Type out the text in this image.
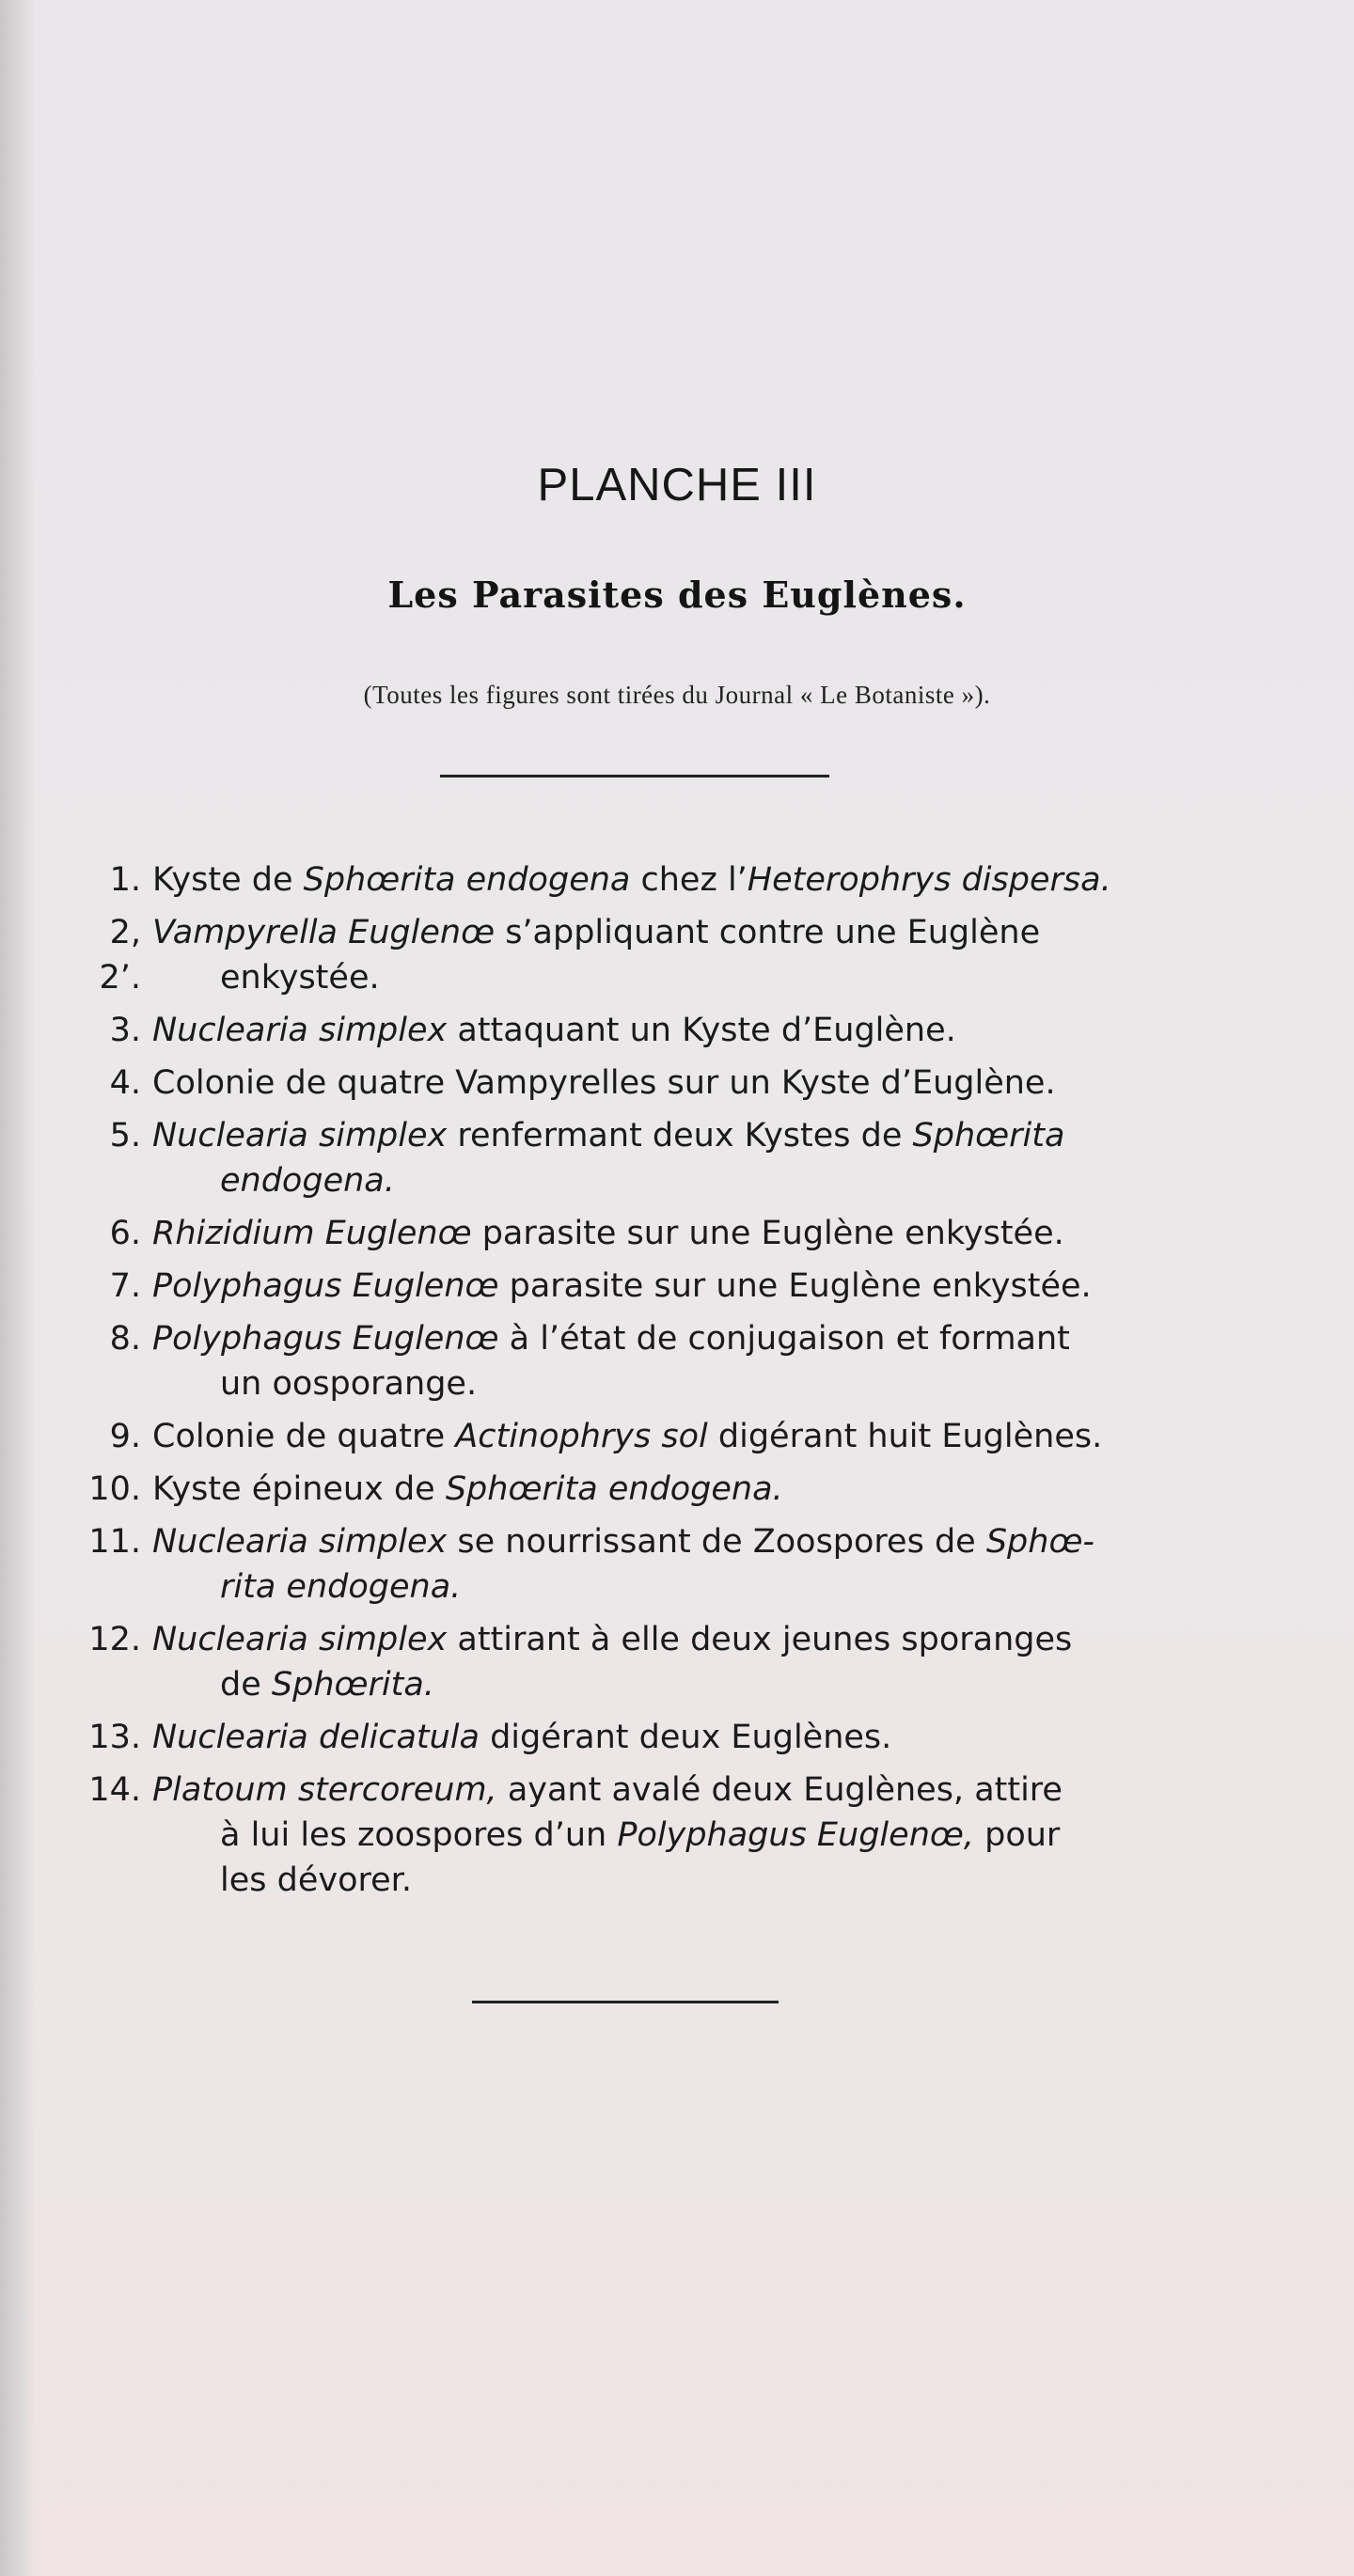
PLANCHE III
Les Parasites des Euglènes.
(Toutes les figures sont tirées du Journal « Le Botaniste »).
1. Kyste de Sphœrita endogena chez l’Heterophrys dispersa.
2, 2’.
Vampyrella Euglenœ s’appliquant contre une Euglène
enkystée.
3. Nuclearia simplex attaquant un Kyste d’Euglène.
4. Colonie de quatre Vampyrelles sur un Kyste d’Euglène.
5. Nuclearia simplex renfermant deux Kystes de Sphœrita
endogena.
6. Rhizidium Euglenœ parasite sur une Euglène enkystée.
7. Polyphagus Euglenœ parasite sur une Euglène enkystée.
8. Polyphagus Euglenœ à l’état de conjugaison et formant
un oosporange.
9. Colonie de quatre Actinophrys sol digérant huit Euglènes.
10. Kyste épineux de Sphœrita endogena.
11. Nuclearia simplex se nourrissant de Zoospores de Sphœ-
rita endogena.
12. Nuclearia simplex attirant à elle deux jeunes sporanges
de Sphœrita.
13. Nuclearia delicatula digérant deux Euglènes.
14. Platoum stercoreum, ayant avalé deux Euglènes, attire
à lui les zoospores d’un Polyphagus Euglenœ, pour
les dévorer.
